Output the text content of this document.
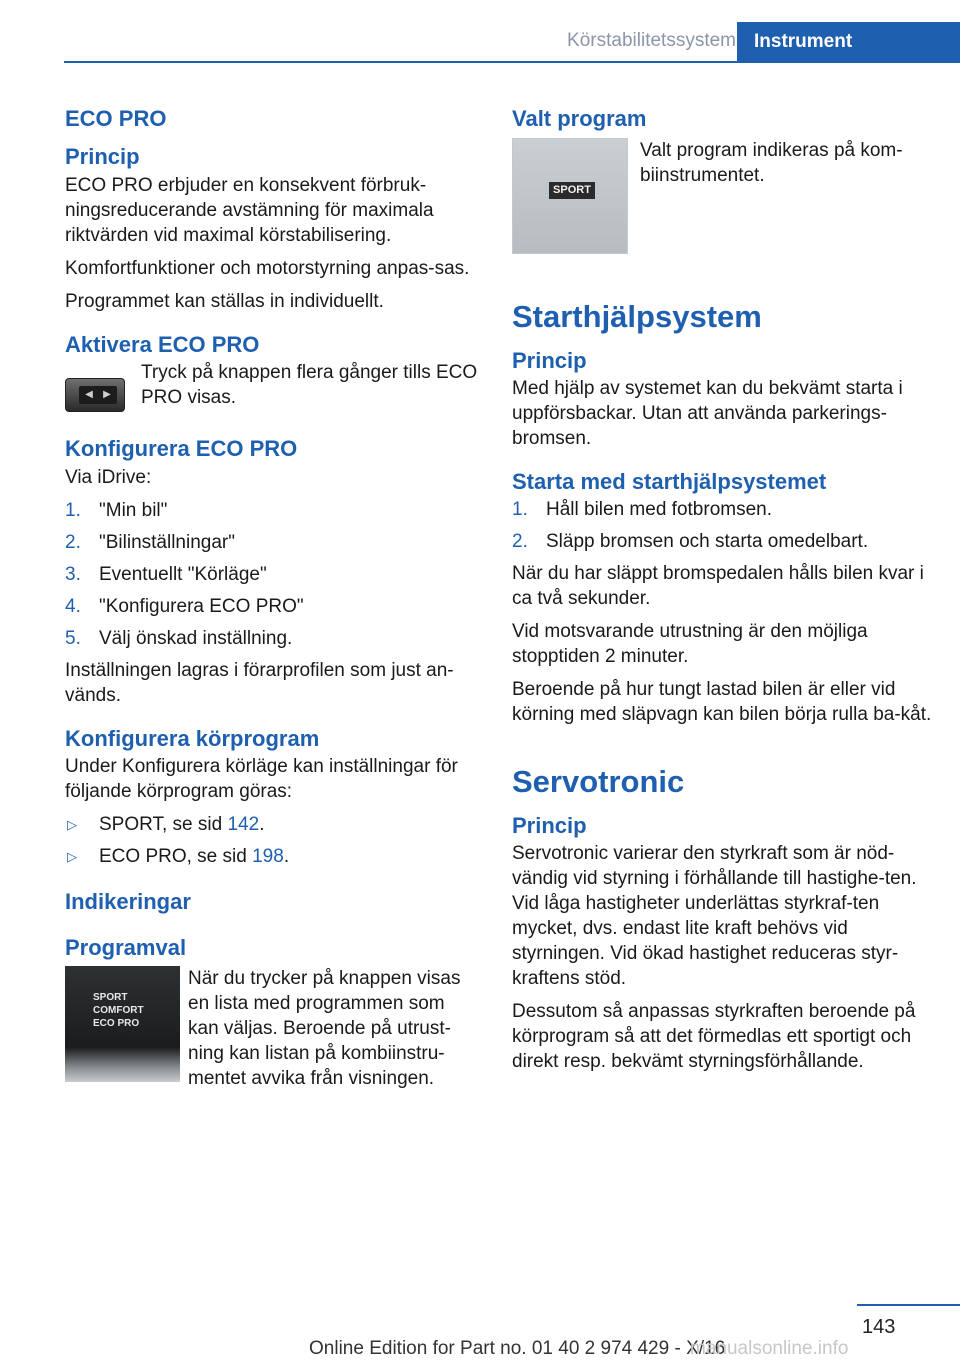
Körstabilitetssystem Instrument
ECO PRO
Princip

ECO PRO erbjuder en konsekvent förbruk-ningsreducerande avstämning för maximala riktvärden vid maximal körstabilisering.

Komfortfunktioner och motorstyrning anpas-sas.

Programmet kan ställas in individuellt.

Aktivera ECO PRO
◀	▶
Tryck på knappen flera gånger tills ECO PRO visas.
Konfigurera ECO PRO

Via iDrive:

1. "Min bil"
2. "Bilinställningar"
3. Eventuellt "Körläge"
4. "Konfigurera ECO PRO"
5. Välj önskad inställning.

Inställningen lagras i förarprofilen som just an-vänds.

Konfigurera körprogram

Under Konfigurera körläge kan inställningar för följande körprogram göras:

▷ SPORT, se sid 142.
▷ ECO PRO, se sid 198.
Indikeringar
Programval
SPORT
COMFORT
ECO PRO
När du trycker på knappen visas en lista med programmen som kan väljas. Beroende på utrust-ning kan listan på kombiinstru-mentet avvika från visningen.
Valt program
SPORT
Valt program indikeras på kom-biinstrumentet.
Starthjälpsystem
Princip

Med hjälp av systemet kan du bekvämt starta i uppförsbackar. Utan att använda parkerings-bromsen.

Starta med starthjälpsystemet
1. Håll bilen med fotbromsen.
2. Släpp bromsen och starta omedelbart.

När du har släppt bromspedalen hålls bilen kvar i ca två sekunder.

Vid motsvarande utrustning är den möjliga stopptiden 2 minuter.

Beroende på hur tungt lastad bilen är eller vid körning med släpvagn kan bilen börja rulla ba-kåt.

Servotronic
Princip

Servotronic varierar den styrkraft som är nöd-vändig vid styrning i förhållande till hastighe-ten. Vid låga hastigheter underlättas styrkraf-ten mycket, dvs. endast lite kraft behövs vid styrningen. Vid ökad hastighet reduceras styr-kraftens stöd.

Dessutom så anpassas styrkraften beroende på körprogram så att det förmedlas ett sportigt och direkt resp. bekvämt styrningsförhållande.

143
Online Edition for Part no. 01 40 2 974 429 - X/16
manualsonline.info
